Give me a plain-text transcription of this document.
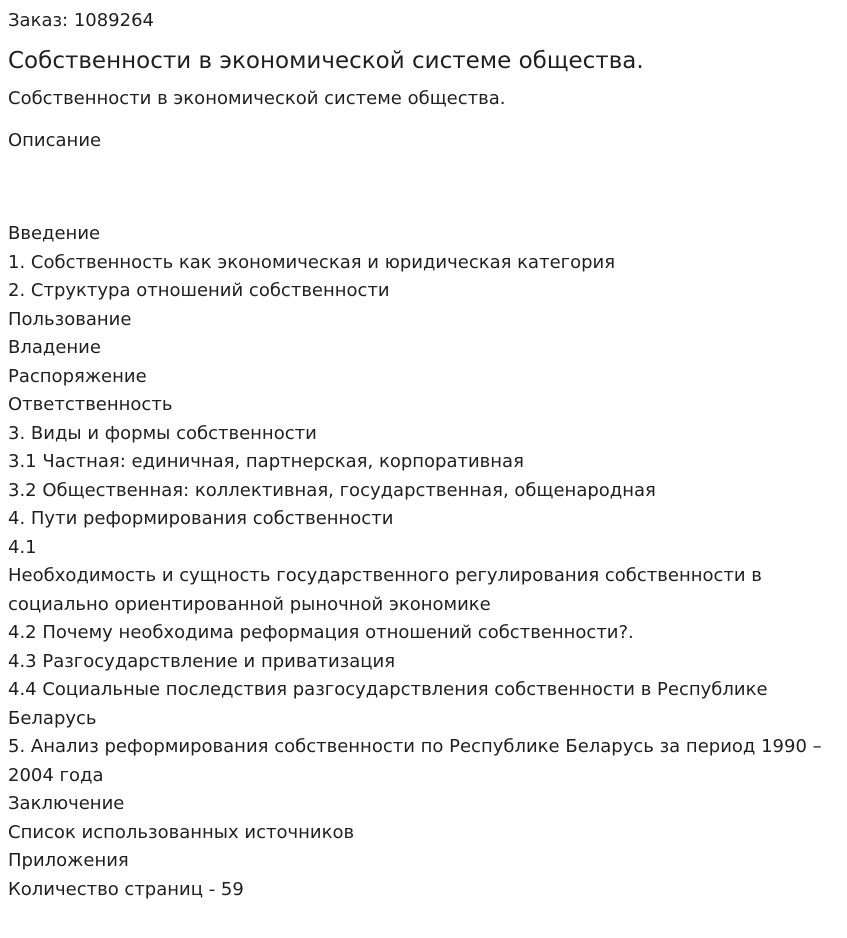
Заказ: 1089264

Собственности в экономической системе общества.

Собственности в экономической системе общества.

Описание

Введение
1. Собственность как экономическая и юридическая категория
2. Структура отношений собственности
Пользование
Владение
Распоряжение
Ответственность
3. Виды и формы собственности
3.1 Частная: единичная, партнерская, корпоративная
3.2 Общественная: коллективная, государственная, общенародная
4. Пути реформирования собственности
4.1
Необходимость и сущность государственного регулирования собственности в социально ориентированной рыночной экономике
4.2 Почему необходима реформация отношений собственности?.
4.3 Разгосударствление и приватизация
4.4 Социальные последствия разгосударствления собственности в Республике Беларусь
5. Анализ реформирования собственности по Республике Беларусь за период 1990 – 2004 года
Заключение
Список использованных источников
Приложения
Количество страниц - 59
